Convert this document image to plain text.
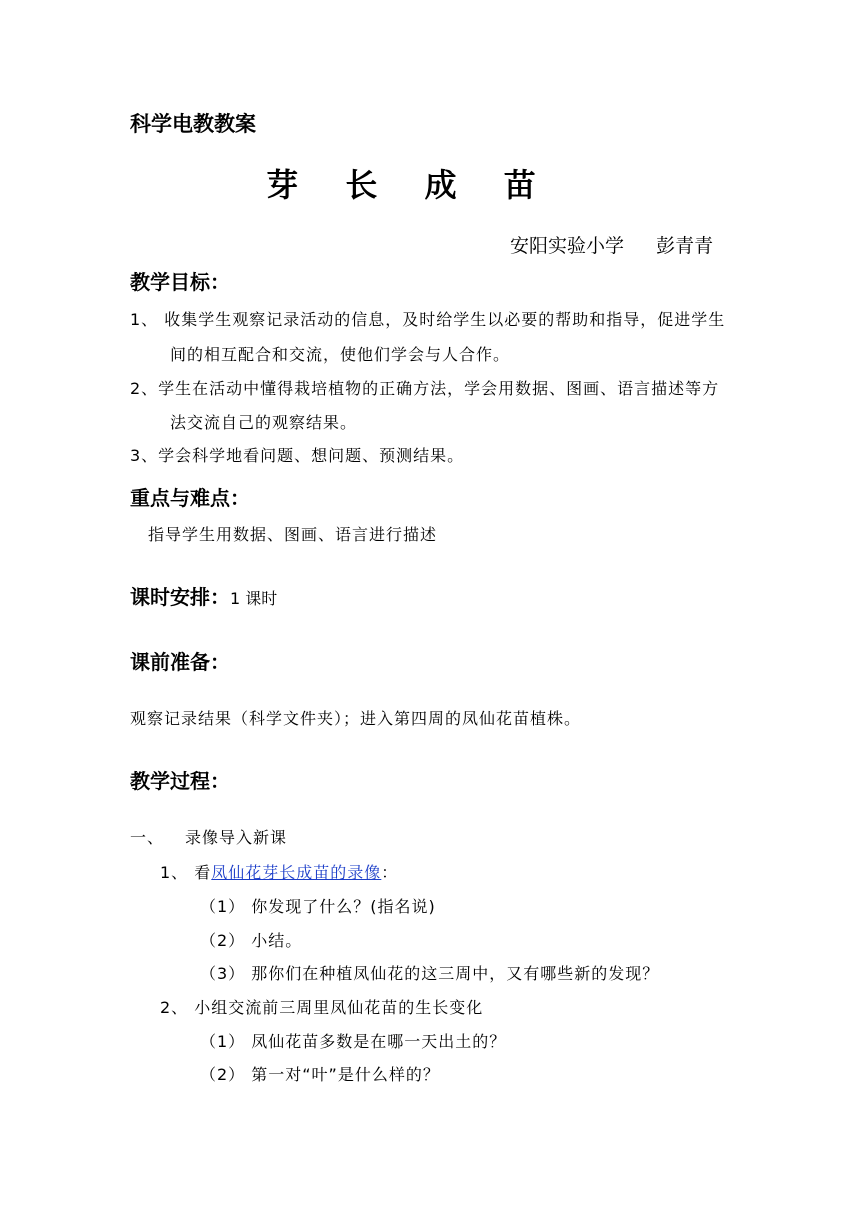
科学电教教案
芽 长 成 苗
安阳实验小学 彭青青
教学目标：
1、 收集学生观察记录活动的信息，及时给学生以必要的帮助和指导，促进学生
间的相互配合和交流，使他们学会与人合作。
2、学生在活动中懂得栽培植物的正确方法，学会用数据、图画、语言描述等方
法交流自己的观察结果。
3、学会科学地看问题、想问题、预测结果。
重点与难点：
指导学生用数据、图画、语言进行描述
课时安排：1 课时
课前准备：
观察记录结果（科学文件夹）；进入第四周的凤仙花苗植株。
教学过程：
一、 录像导入新课
1、 看凤仙花芽长成苗的录像：
（1） 你发现了什么？(指名说)
（2） 小结。
（3） 那你们在种植凤仙花的这三周中，又有哪些新的发现？
2、 小组交流前三周里凤仙花苗的生长变化
（1） 凤仙花苗多数是在哪一天出土的？
（2） 第一对“叶”是什么样的？
